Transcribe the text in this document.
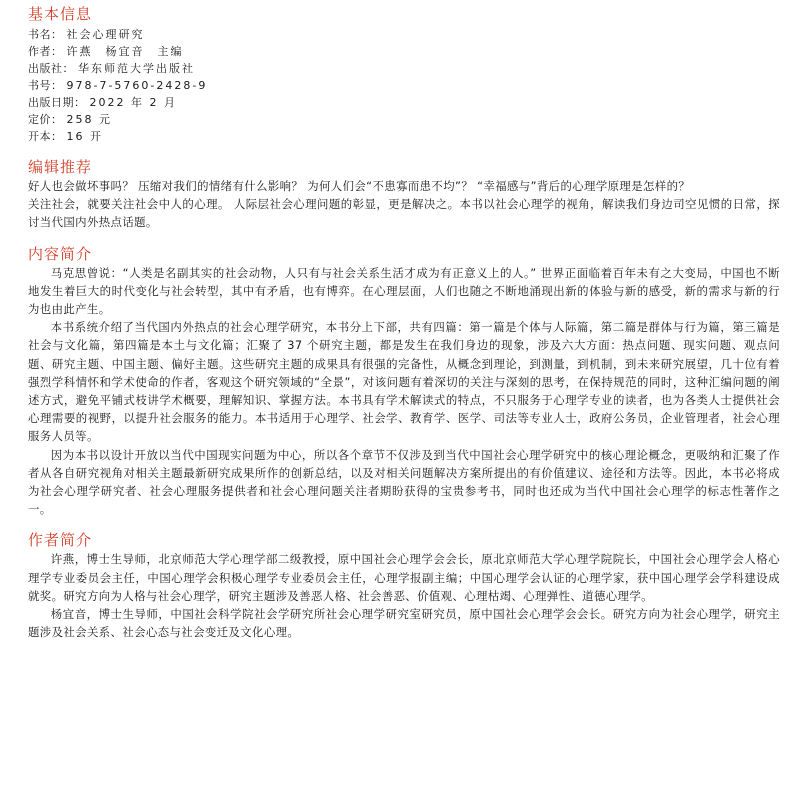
基本信息
书名： 社会心理研究
作者： 许燕　杨宜音　主编
出版社： 华东师范大学出版社
书号： 978-7-5760-2428-9
出版日期： 2022 年 2 月
定价： 258 元
开本： 16 开
编辑推荐

好人也会做坏事吗？ 压缩对我们的情绪有什么影响？ 为何人们会“不患寡而患不均”？ “幸福感与”背后的心理学原理是怎样的？

关注社会，就要关注社会中人的心理。 人际层社会心理问题的彰显，更是解决之。本书以社会心理学的视角，解读我们身边司空见惯的日常，探讨当代国内外热点话题。

内容简介

马克思曾说：“人类是名副其实的社会动物，人只有与社会关系生活才成为有正意义上的人。” 世界正面临着百年未有之大变局，中国也不断地发生着巨大的时代变化与社会转型，其中有矛盾，也有博弈。在心理层面，人们也随之不断地涌现出新的体验与新的感受，新的需求与新的行为也由此产生。

本书系统介绍了当代国内外热点的社会心理学研究，本书分上下部，共有四篇：第一篇是个体与人际篇，第二篇是群体与行为篇，第三篇是社会与文化篇，第四篇是本土与文化篇；汇聚了 37 个研究主题，都是发生在我们身边的现象，涉及六大方面：热点问题、现实问题、观点问题、研究主题、中国主题、偏好主题。这些研究主题的成果具有很强的完备性，从概念到理论，到测量，到机制，到未来研究展望，几十位有着强烈学科情怀和学术使命的作者，客观这个研究领域的“全景”，对该问题有着深切的关注与深刻的思考，在保持规范的同时，这种汇编问题的阐述方式，避免平铺式枝讲学术概要，理解知识、掌握方法。本书具有学术解读式的特点，不只服务于心理学专业的读者，也为各类人士提供社会心理需要的视野，以提升社会服务的能力。本书适用于心理学、社会学、教育学、医学、司法等专业人士，政府公务员，企业管理者，社会心理服务人员等。

因为本书以设计开放以当代中国现实问题为中心，所以各个章节不仅涉及到当代中国社会心理学研究中的核心理论概念，更吸纳和汇聚了作者从各自研究视角对相关主题最新研究成果所作的创新总结，以及对相关问题解决方案所提出的有价值建议、途径和方法等。因此，本书必将成为社会心理学研究者、社会心理服务提供者和社会心理问题关注者期盼获得的宝贵参考书，同时也还成为当代中国社会心理学的标志性著作之一。

作者简介

许燕，博士生导师，北京师范大学心理学部二级教授，原中国社会心理学会会长，原北京师范大学心理学院院长，中国社会心理学会人格心理学专业委员会主任，中国心理学会积极心理学专业委员会主任，心理学报副主编；中国心理学会认证的心理学家，获中国心理学会学科建设成就奖。研究方向为人格与社会心理学，研究主题涉及善恶人格、社会善恶、价值观、心理枯竭、心理弹性、道德心理学。

杨宜音，博士生导师，中国社会科学院社会学研究所社会心理学研究室研究员，原中国社会心理学会会长。研究方向为社会心理学，研究主题涉及社会关系、社会心态与社会变迁及文化心理。
